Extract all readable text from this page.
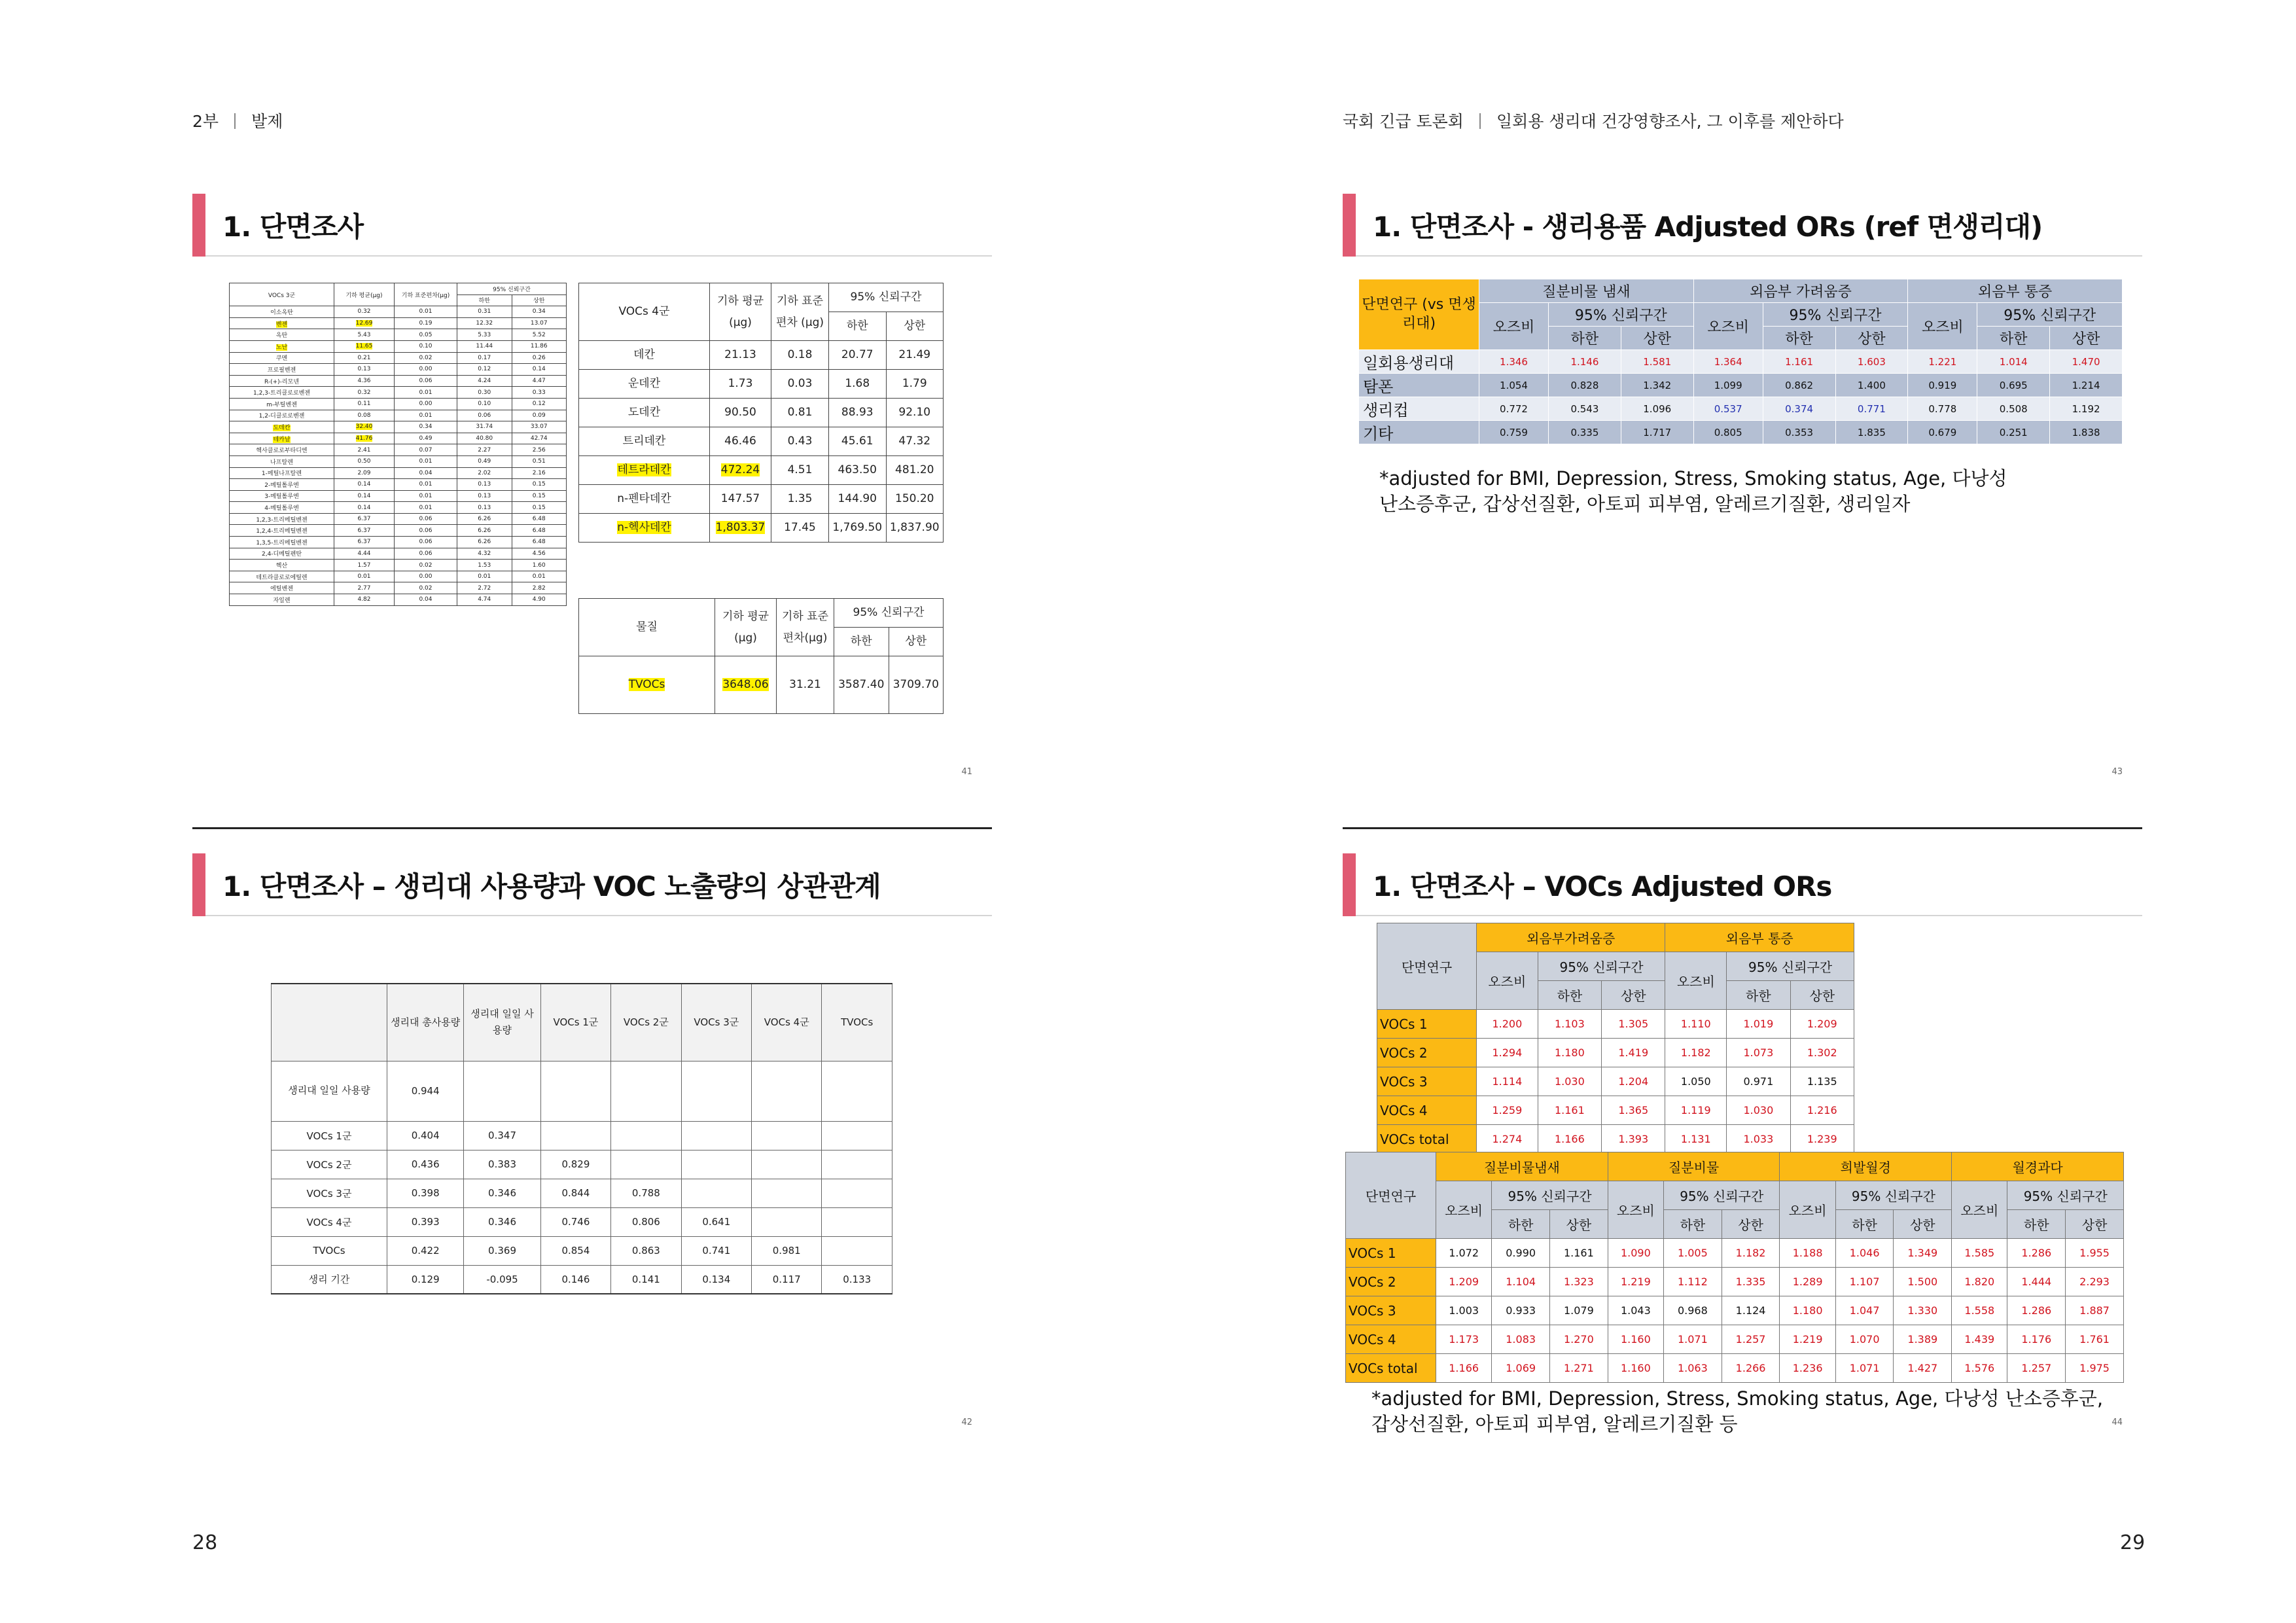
2부 발제	국회 긴급 토론회 일회용 생리대 건강영향조사, 그 이후를 제안하다
28	29
1. 단면조사
VOCs 3군	기하 평균(μg)	기하 표준편차(μg)	95% 신뢰구간	
			하한	상한
이소옥탄	0.32	0.01	0.31	0.34
벤젠	12.69	0.19	12.32	13.07
옥탄	5.43	0.05	5.33	5.52
노난	11.65	0.10	11.44	11.86
쿠멘	0.21	0.02	0.17	0.26
프로필벤젠	0.13	0.00	0.12	0.14
R-(+)-리모넨	4.36	0.06	4.24	4.47
1,2,3-트리클로로벤젠	0.32	0.01	0.30	0.33
m-부틸벤젠	0.11	0.00	0.10	0.12
1,2-디클로로벤젠	0.08	0.01	0.06	0.09
도데칸	32.40	0.34	31.74	33.07
테카날	41.76	0.49	40.80	42.74
헥사클로로부타디엔	2.41	0.07	2.27	2.56
나프탈렌	0.50	0.01	0.49	0.51
1-메틸나프탈렌	2.09	0.04	2.02	2.16
2-메틸톨루엔	0.14	0.01	0.13	0.15
3-메틸톨루엔	0.14	0.01	0.13	0.15
4-메틸톨루엔	0.14	0.01	0.13	0.15
1,2,3-트리메틸벤젠	6.37	0.06	6.26	6.48
1,2,4-트리메틸벤젠	6.37	0.06	6.26	6.48
1,3,5-트리메틸벤젠	6.37	0.06	6.26	6.48
2,4-디메틸펜탄	4.44	0.06	4.32	4.56
헥산	1.57	0.02	1.53	1.60
테트라클로로에틸렌	0.01	0.00	0.01	0.01
에틸벤젠	2.77	0.02	2.72	2.82
자일렌	4.82	0.04	4.74	4.90
VOCs 4군	기하 평균(μg)	기하 표준편차 (μg)	95% 신뢰구간	
			하한	상한
데칸	21.13	0.18	20.77	21.49
운데칸	1.73	0.03	1.68	1.79
도데칸	90.50	0.81	88.93	92.10
트리데칸	46.46	0.43	45.61	47.32
테트라데칸	472.24	4.51	463.50	481.20
n-펜타데칸	147.57	1.35	144.90	150.20
n-헥사데칸	1,803.37	17.45	1,769.50	1,837.90
물질	기하 평균(μg)	기하 표준편차(μg)	95% 신뢰구간	
			하한	상한
TVOCs	3648.06	31.21	3587.40	3709.70
41
1. 단면조사 – 생리대 사용량과 VOC 노출량의 상관관계
	생리대 총사용량	생리대 일일 사용량	VOCs 1군	VOCs 2군	VOCs 3군	VOCs 4군	TVOCs
생리대 일일 사용량	0.944						
VOCs 1군	0.404	0.347					
VOCs 2군	0.436	0.383	0.829				
VOCs 3군	0.398	0.346	0.844	0.788			
VOCs 4군	0.393	0.346	0.746	0.806	0.641		
TVOCs	0.422	0.369	0.854	0.863	0.741	0.981	
생리 기간	0.129	-0.095	0.146	0.141	0.134	0.117	0.133
42
1. 단면조사 - 생리용품 Adjusted ORs (ref 면생리대)
단면연구 (vs 면생리대)	질분비물 냄새			외음부 가려움증			외음부 통증		
	오즈비	95% 신뢰구간		오즈비	95% 신뢰구간		오즈비	95% 신뢰구간	
		하한	상한		하한	상한		하한	상한
일회용생리대	1.346	1.146	1.581	1.364	1.161	1.603	1.221	1.014	1.470
탐폰	1.054	0.828	1.342	1.099	0.862	1.400	0.919	0.695	1.214
생리컵	0.772	0.543	1.096	0.537	0.374	0.771	0.778	0.508	1.192
기타	0.759	0.335	1.717	0.805	0.353	1.835	0.679	0.251	1.838
*adjusted for BMI, Depression, Stress, Smoking status, Age, 다낭성
난소증후군, 갑상선질환, 아토피 피부염, 알레르기질환, 생리일자
43
1. 단면조사 – VOCs Adjusted ORs
단면연구	외음부가려움증			외음부 통증		
	오즈비	95% 신뢰구간		오즈비	95% 신뢰구간	
		하한	상한		하한	상한
VOCs 1	1.200	1.103	1.305	1.110	1.019	1.209
VOCs 2	1.294	1.180	1.419	1.182	1.073	1.302
VOCs 3	1.114	1.030	1.204	1.050	0.971	1.135
VOCs 4	1.259	1.161	1.365	1.119	1.030	1.216
VOCs total	1.274	1.166	1.393	1.131	1.033	1.239
단면연구	질분비물냄새			질분비물			희발월경			월경과다		
	오즈비	95% 신뢰구간		오즈비	95% 신뢰구간		오즈비	95% 신뢰구간		오즈비	95% 신뢰구간	
		하한	상한		하한	상한		하한	상한		하한	상한
VOCs 1	1.072	0.990	1.161	1.090	1.005	1.182	1.188	1.046	1.349	1.585	1.286	1.955
VOCs 2	1.209	1.104	1.323	1.219	1.112	1.335	1.289	1.107	1.500	1.820	1.444	2.293
VOCs 3	1.003	0.933	1.079	1.043	0.968	1.124	1.180	1.047	1.330	1.558	1.286	1.887
VOCs 4	1.173	1.083	1.270	1.160	1.071	1.257	1.219	1.070	1.389	1.439	1.176	1.761
VOCs total	1.166	1.069	1.271	1.160	1.063	1.266	1.236	1.071	1.427	1.576	1.257	1.975
*adjusted for BMI, Depression, Stress, Smoking status, Age, 다낭성 난소증후군,
갑상선질환, 아토피 피부염, 알레르기질환 등	44
